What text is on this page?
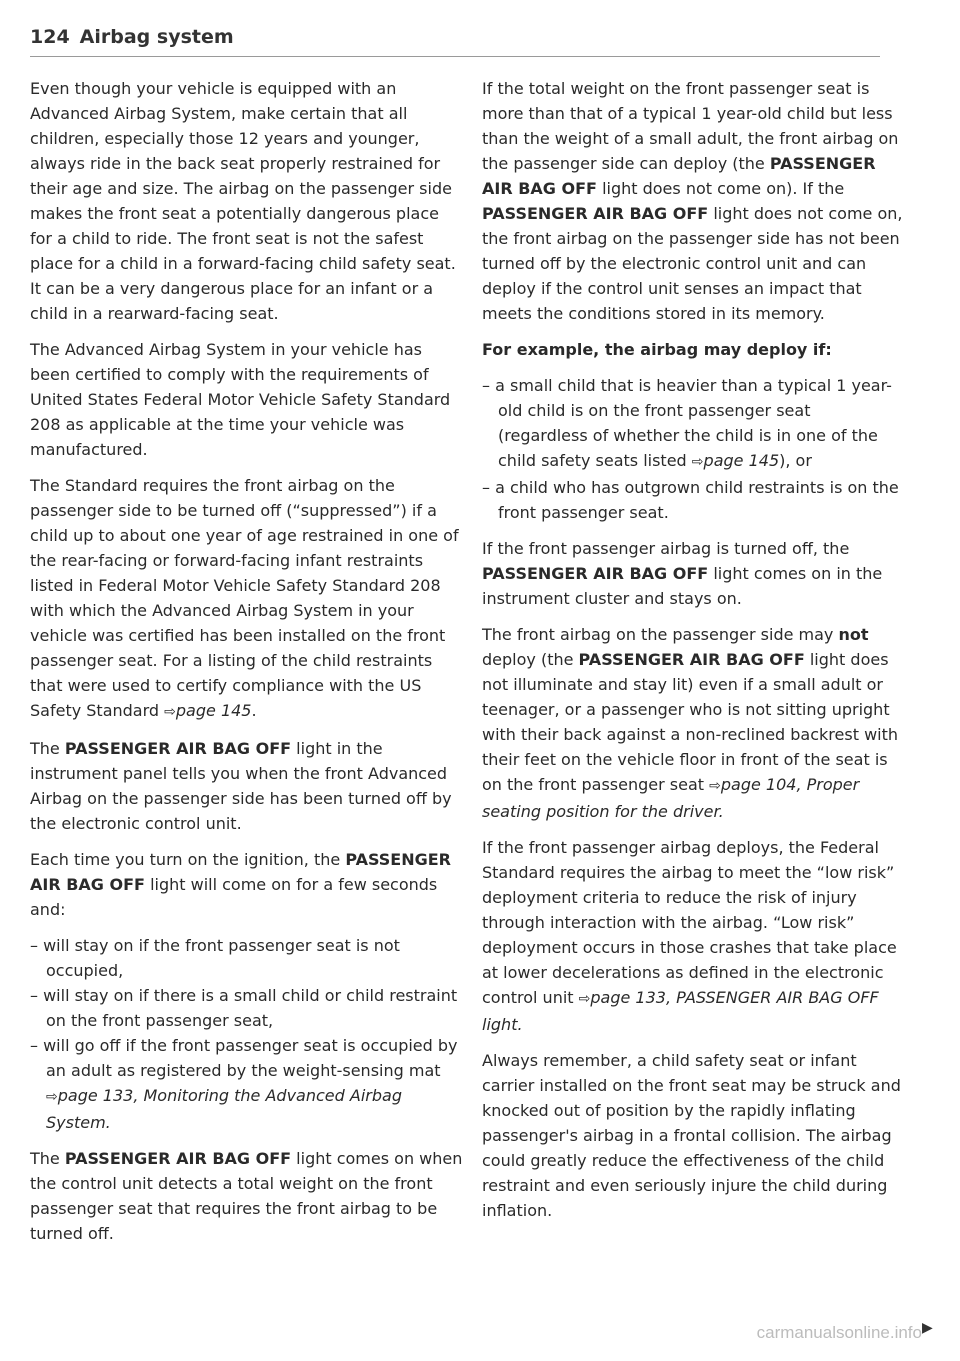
124 Airbag system

Even though your vehicle is equipped with an Advanced Airbag System, make certain that all children, especially those 12 years and younger, always ride in the back seat properly restrained for their age and size. The airbag on the passenger side makes the front seat a potentially dangerous place for a child to ride. The front seat is not the safest place for a child in a forward-facing child safety seat. It can be a very dangerous place for an infant or a child in a rearward-facing seat.

The Advanced Airbag System in your vehicle has been certified to comply with the requirements of United States Federal Motor Vehicle Safety Standard 208 as applicable at the time your vehicle was manufactured.

The Standard requires the front airbag on the passenger side to be turned off (“suppressed”) if a child up to about one year of age restrained in one of the rear-facing or forward-facing infant restraints listed in Federal Motor Vehicle Safety Standard 208 with which the Advanced Airbag System in your vehicle was certified has been installed on the front passenger seat. For a listing of the child restraints that were used to certify compliance with the US Safety Standard ⇨page 145.

The PASSENGER AIR BAG OFF light in the instrument panel tells you when the front Advanced Airbag on the passenger side has been turned off by the electronic control unit.

Each time you turn on the ignition, the PASSENGER AIR BAG OFF light will come on for a few seconds and:

– will stay on if the front passenger seat is not occupied,
– will stay on if there is a small child or child restraint on the front passenger seat,
– will go off if the front passenger seat is occupied by an adult as registered by the weight-sensing mat ⇨page 133, Monitoring the Advanced Airbag System.

The PASSENGER AIR BAG OFF light comes on when the control unit detects a total weight on the front passenger seat that requires the front airbag to be turned off.

If the total weight on the front passenger seat is more than that of a typical 1 year-old child but less than the weight of a small adult, the front airbag on the passenger side can deploy (the PASSENGER AIR BAG OFF light does not come on). If the PASSENGER AIR BAG OFF light does not come on, the front airbag on the passenger side has not been turned off by the electronic control unit and can deploy if the control unit senses an impact that meets the conditions stored in its memory.

For example, the airbag may deploy if:

– a small child that is heavier than a typical 1 year-old child is on the front passenger seat (regardless of whether the child is in one of the child safety seats listed ⇨page 145), or
– a child who has outgrown child restraints is on the front passenger seat.

If the front passenger airbag is turned off, the PASSENGER AIR BAG OFF light comes on in the instrument cluster and stays on.

The front airbag on the passenger side may not deploy (the PASSENGER AIR BAG OFF light does not illuminate and stay lit) even if a small adult or teenager, or a passenger who is not sitting upright with their back against a non-reclined backrest with their feet on the vehicle floor in front of the seat is on the front passenger seat ⇨page 104, Proper seating position for the driver.

If the front passenger airbag deploys, the Federal Standard requires the airbag to meet the “low risk” deployment criteria to reduce the risk of injury through interaction with the airbag. “Low risk” deployment occurs in those crashes that take place at lower decelerations as defined in the electronic control unit ⇨page 133, PASSENGER AIR BAG OFF light.

Always remember, a child safety seat or infant carrier installed on the front seat may be struck and knocked out of position by the rapidly inflating passenger's airbag in a frontal collision. The airbag could greatly reduce the effectiveness of the child restraint and even seriously injure the child during inflation.

▶
carmanualsonline.info
